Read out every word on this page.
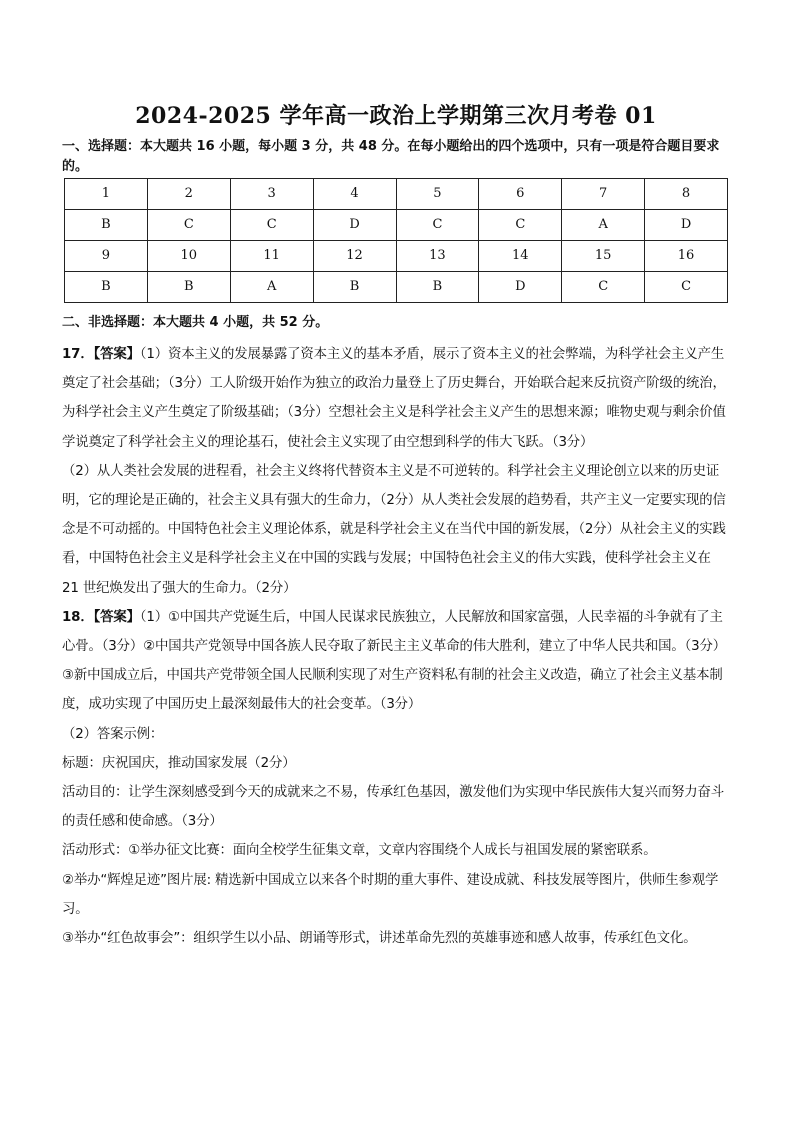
2024-2025 学年高一政治上学期第三次月考卷 01
一、选择题：本大题共 16 小题，每小题 3 分，共 48 分。在每小题给出的四个选项中，只有一项是符合题目要求的。
1	2	3	4	5	6	7	8
B	C	C	D	C	C	A	D
9	10	11	12	13	14	15	16
B	B	A	B	B	D	C	C
二、非选择题：本大题共 4 小题，共 52 分。

17．【答案】（1）资本主义的发展暴露了资本主义的基本矛盾，展示了资本主义的社会弊端，为科学社会主义产生奠定了社会基础；（3分）工人阶级开始作为独立的政治力量登上了历史舞台，开始联合起来反抗资产阶级的统治，为科学社会主义产生奠定了阶级基础；（3分）空想社会主义是科学社会主义产生的思想来源；唯物史观与剩余价值学说奠定了科学社会主义的理论基石，使社会主义实现了由空想到科学的伟大飞跃。（3分）

（2）从人类社会发展的进程看，社会主义终将代替资本主义是不可逆转的。科学社会主义理论创立以来的历史证明，它的理论是正确的，社会主义具有强大的生命力，（2分）从人类社会发展的趋势看，共产主义一定要实现的信念是不可动摇的。中国特色社会主义理论体系，就是科学社会主义在当代中国的新发展，（2分）从社会主义的实践看，中国特色社会主义是科学社会主义在中国的实践与发展；中国特色社会主义的伟大实践，使科学社会主义在 21 世纪焕发出了强大的生命力。（2分）

18．【答案】（1）①中国共产党诞生后，中国人民谋求民族独立，人民解放和国家富强，人民幸福的斗争就有了主心骨。（3分）②中国共产党领导中国各族人民夺取了新民主主义革命的伟大胜利，建立了中华人民共和国。（3分）③新中国成立后，中国共产党带领全国人民顺利实现了对生产资料私有制的社会主义改造，确立了社会主义基本制度，成功实现了中国历史上最深刻最伟大的社会变革。（3分）

（2）答案示例：

标题：庆祝国庆，推动国家发展（2分）

活动目的：让学生深刻感受到今天的成就来之不易，传承红色基因，激发他们为实现中华民族伟大复兴而努力奋斗的责任感和使命感。（3分）

活动形式：①举办征文比赛：面向全校学生征集文章，文章内容围绕个人成长与祖国发展的紧密联系。

②举办“辉煌足迹”图片展: 精选新中国成立以来各个时期的重大事件、建设成就、科技发展等图片，供师生参观学习。

③举办“红色故事会”：组织学生以小品、朗诵等形式，讲述革命先烈的英雄事迹和感人故事，传承红色文化。
